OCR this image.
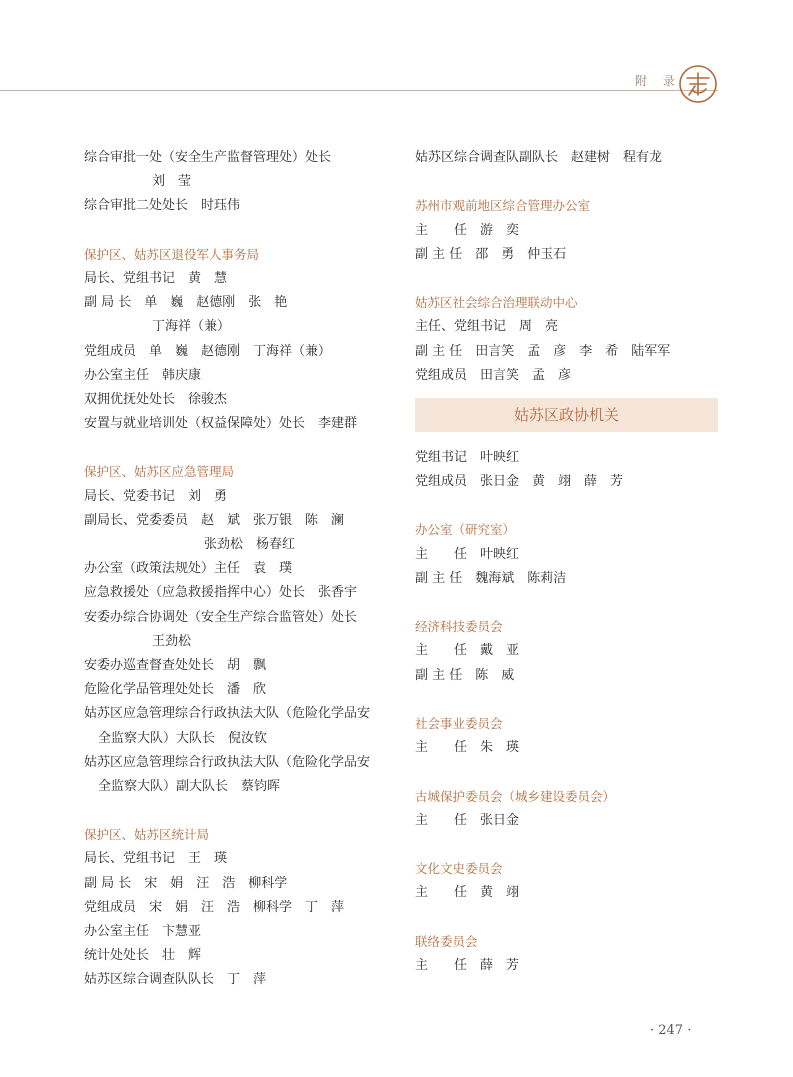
附 录
综合审批一处（安全生产监督管理处）处长
刘　莹
综合审批二处处长　时珏伟
保护区、姑苏区退役军人事务局
局长、党组书记　黄　慧
副 局 长　单　巍　赵德刚　张　艳
丁海祥（兼）
党组成员　单　巍　赵德刚　丁海祥（兼）
办公室主任　韩庆康
双拥优抚处处长　徐骏杰
安置与就业培训处（权益保障处）处长　李建群
保护区、姑苏区应急管理局
局长、党委书记　刘　勇
副局长、党委委员　赵　斌　张万银　陈　澜
张劲松　杨春红
办公室（政策法规处）主任　袁　璞
应急救援处（应急救援指挥中心）处长　张香宇
安委办综合协调处（安全生产综合监管处）处长
王劲松
安委办巡查督查处处长　胡　飘
危险化学品管理处处长　潘　欣
姑苏区应急管理综合行政执法大队（危险化学品安
全监察大队）大队长　倪汝钦
姑苏区应急管理综合行政执法大队（危险化学品安
全监察大队）副大队长　蔡钧晖
保护区、姑苏区统计局
局长、党组书记　王　瑛
副 局 长　宋　娟　汪　浩　柳科学
党组成员　宋　娟　汪　浩　柳科学　丁　萍
办公室主任　卞慧亚
统计处处长　壮　辉
姑苏区综合调查队队长　丁　萍
姑苏区综合调查队副队长　赵建树　程有龙
苏州市观前地区综合管理办公室
主　　任　游　奕
副 主 任　邵　勇　仲玉石
姑苏区社会综合治理联动中心
主任、党组书记　周　亮
副 主 任　田言笑　孟　彦　李　希　陆军军
党组成员　田言笑　孟　彦
姑苏区政协机关
党组书记　叶映红
党组成员　张日金　黄　翊　薛　芳
办公室（研究室）
主　　任　叶映红
副 主 任　魏海斌　陈莉洁
经济科技委员会
主　　任　戴　亚
副 主 任　陈　威
社会事业委员会
主　　任　朱　瑛
古城保护委员会（城乡建设委员会）
主　　任　张日金
文化文史委员会
主　　任　黄　翊
联络委员会
主　　任　薛　芳
· 247 ·
